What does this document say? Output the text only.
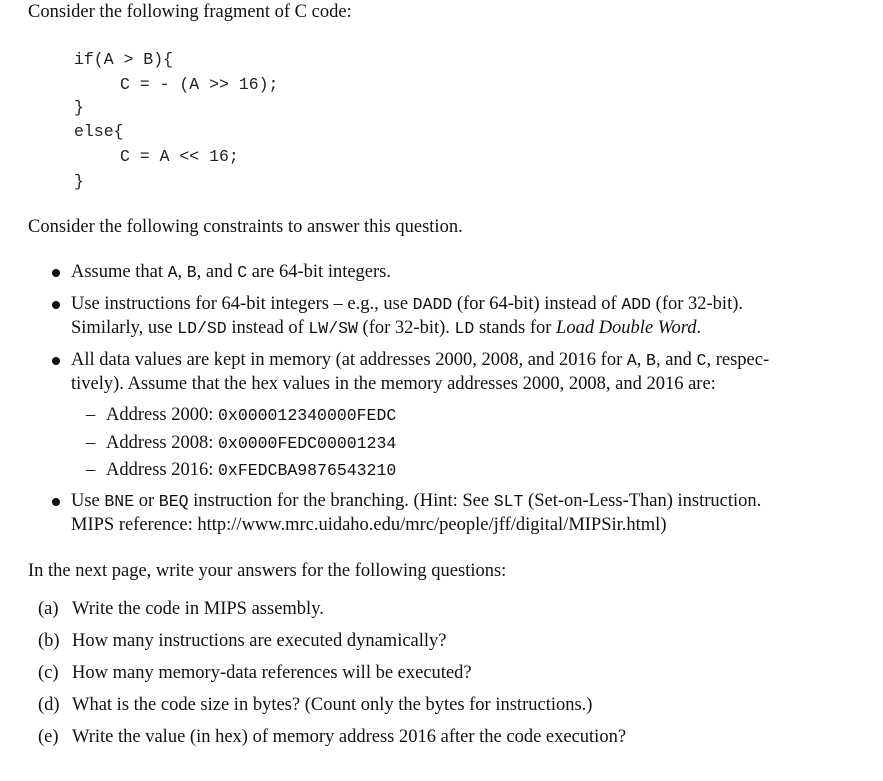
Consider the following fragment of C code:
if(A > B){
C = - (A >> 16);
}
else{
C = A << 16;
}
Consider the following constraints to answer this question.
Assume that A, B, and C are 64-bit integers.
Use instructions for 64-bit integers – e.g., use DADD (for 64-bit) instead of ADD (for 32-bit).
Similarly, use LD/SD instead of LW/SW (for 32-bit). LD stands for Load Double Word.
All data values are kept in memory (at addresses 2000, 2008, and 2016 for A, B, and C, respec-
tively). Assume that the hex values in the memory addresses 2000, 2008, and 2016 are:
– Address 2000: 0x000012340000FEDC
– Address 2008: 0x0000FEDC00001234
– Address 2016: 0xFEDCBA9876543210
Use BNE or BEQ instruction for the branching. (Hint: See SLT (Set-on-Less-Than) instruction.
MIPS reference: http://www.mrc.uidaho.edu/mrc/people/jff/digital/MIPSir.html)
In the next page, write your answers for the following questions:
(a) Write the code in MIPS assembly.
(b) How many instructions are executed dynamically?
(c) How many memory-data references will be executed?
(d) What is the code size in bytes? (Count only the bytes for instructions.)
(e) Write the value (in hex) of memory address 2016 after the code execution?
